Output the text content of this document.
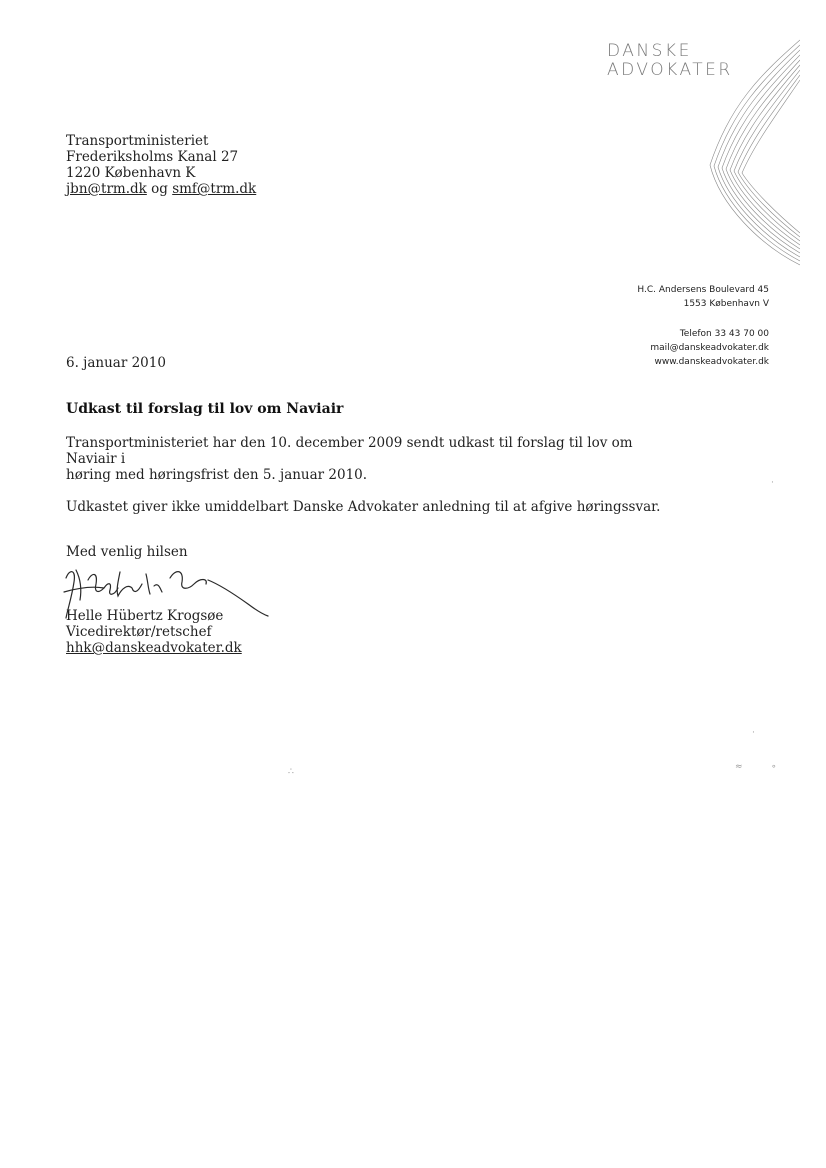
DANSKE
ADVOKATER
Transportministeriet
Frederiksholms Kanal 27
1220 København K
jbn@trm.dk og smf@trm.dk
H.C. Andersens Boulevard 45
1553 København V
Telefon 33 43 70 00
mail@danskeadvokater.dk
www.danskeadvokater.dk
6. januar 2010
Udkast til forslag til lov om Naviair

Transportministeriet har den 10. december 2009 sendt udkast til forslag til lov om Naviair i
høring med høringsfrist den 5. januar 2010.

Udkastet giver ikke umiddelbart Danske Advokater anledning til at afgive høringssvar.

Med venlig hilsen
Helle Hübertz Krogsøe
Vicedirektør/retschef
hhk@danskeadvokater.dk
·
·
∴	≈	∘
